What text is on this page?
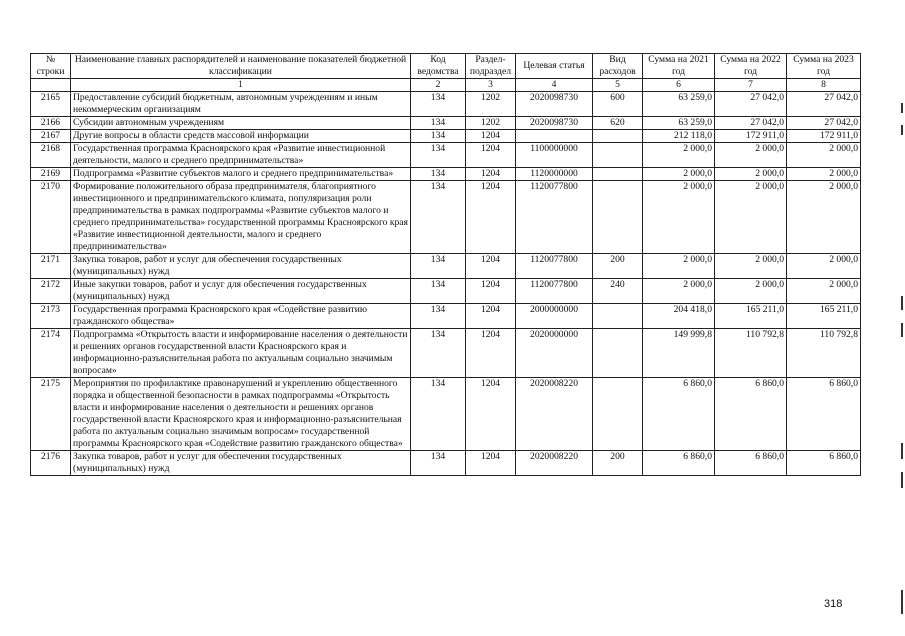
№ строки	Наименование главных распорядителей и наименование показателей бюджетной классификации	Код ведомства	Раздел-подраздел	Целевая статья	Вид расходов	Сумма на 2021 год	Сумма на 2022 год	Сумма на 2023 год
	1	2	3	4	5	6	7	8
2165	Предоставление субсидий бюджетным, автономным учреждениям и иным некоммерческим организациям	134	1202	2020098730	600	63 259,0	27 042,0	27 042,0
2166	Субсидии автономным учреждениям	134	1202	2020098730	620	63 259,0	27 042,0	27 042,0
2167	Другие вопросы в области средств массовой информации	134	1204			212 118,0	172 911,0	172 911,0
2168	Государственная программа Красноярского края «Развитие инвестиционной деятельности, малого и среднего предпринимательства»	134	1204	1100000000		2 000,0	2 000,0	2 000,0
2169	Подпрограмма «Развитие субъектов малого и среднего предпринимательства»	134	1204	1120000000		2 000,0	2 000,0	2 000,0
2170	Формирование положительного образа предпринимателя, благоприятного инвестиционного и предпринимательского климата, популяризация роли предпринимательства в рамках подпрограммы «Развитие субъектов малого и среднего предпринимательства» государственной программы Красноярского края «Развитие инвестиционной деятельности, малого и среднего предпринимательства»	134	1204	1120077800		2 000,0	2 000,0	2 000,0
2171	Закупка товаров, работ и услуг для обеспечения государственных (муниципальных) нужд	134	1204	1120077800	200	2 000,0	2 000,0	2 000,0
2172	Иные закупки товаров, работ и услуг для обеспечения государственных (муниципальных) нужд	134	1204	1120077800	240	2 000,0	2 000,0	2 000,0
2173	Государственная программа Красноярского края «Содействие развитию гражданского общества»	134	1204	2000000000		204 418,0	165 211,0	165 211,0
2174	Подпрограмма «Открытость власти и информирование населения о деятельности и решениях органов государственной власти Красноярского края и информационно-разъяснительная работа по актуальным социально значимым вопросам»	134	1204	2020000000		149 999,8	110 792,8	110 792,8
2175	Мероприятия по профилактике правонарушений и укреплению общественного порядка и общественной безопасности в рамках подпрограммы «Открытость власти и информирование населения о деятельности и решениях органов государственной власти Красноярского края и информационно-разъяснительная работа по актуальным социально значимым вопросам» государственной программы Красноярского края «Содействие развитию гражданского общества»	134	1204	2020008220		6 860,0	6 860,0	6 860,0
2176	Закупка товаров, работ и услуг для обеспечения государственных (муниципальных) нужд	134	1204	2020008220	200	6 860,0	6 860,0	6 860,0
318
